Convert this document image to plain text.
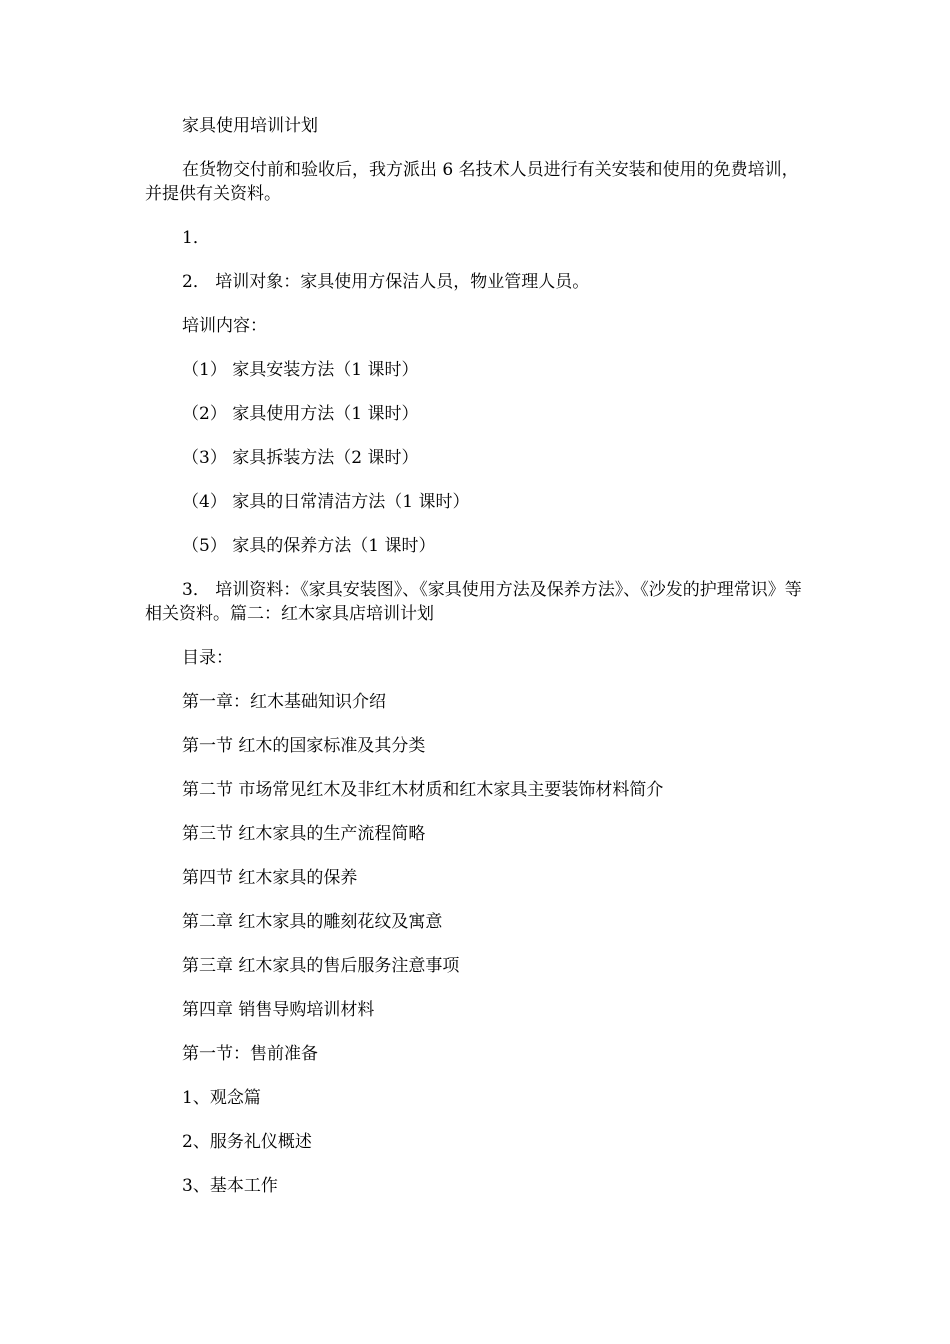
家具使用培训计划

在货物交付前和验收后，我方派出 6 名技术人员进行有关安装和使用的免费培训，并提供有关资料。

1．

2． 培训对象：家具使用方保洁人员，物业管理人员。

培训内容：

（1） 家具安装方法（1 课时）

（2） 家具使用方法（1 课时）

（3） 家具拆装方法（2 课时）

（4） 家具的日常清洁方法（1 课时）

（5） 家具的保养方法（1 课时）

3． 培训资料：《家具安装图》、《家具使用方法及保养方法》、《沙发的护理常识》等相关资料。篇二：红木家具店培训计划

目录：

第一章：红木基础知识介绍

第一节 红木的国家标准及其分类

第二节 市场常见红木及非红木材质和红木家具主要装饰材料简介

第三节 红木家具的生产流程简略

第四节 红木家具的保养

第二章 红木家具的雕刻花纹及寓意

第三章 红木家具的售后服务注意事项

第四章 销售导购培训材料

第一节：售前准备

1、观念篇

2、服务礼仪概述

3、基本工作
